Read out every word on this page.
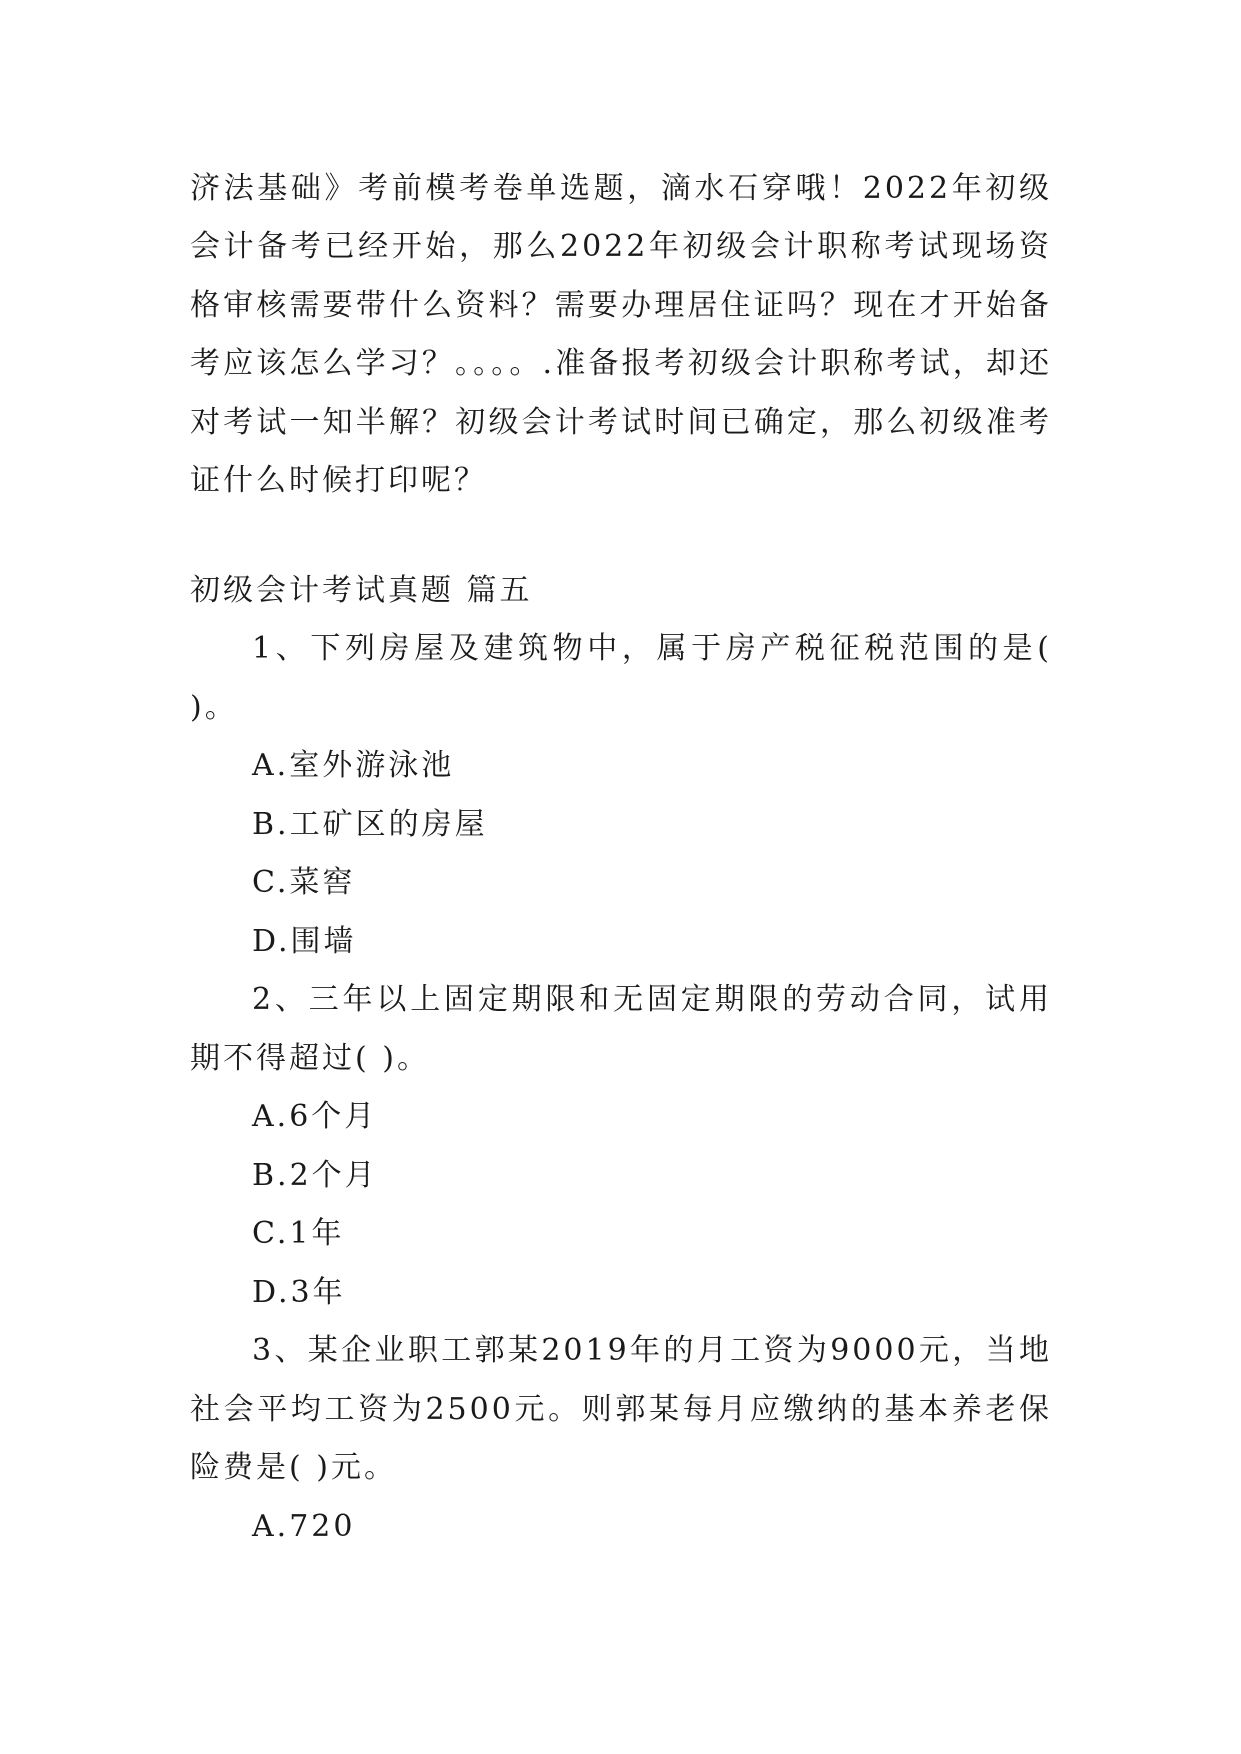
济法基础》考前模考卷单选题，滴水石穿哦！2022年初级会计备考已经开始，那么2022年初级会计职称考试现场资格审核需要带什么资料？需要办理居住证吗？现在才开始备考应该怎么学习？。。。。.准备报考初级会计职称考试，却还对考试一知半解？初级会计考试时间已确定，那么初级准考证什么时候打印呢？

初级会计考试真题 篇五

1、下列房屋及建筑物中，属于房产税征税范围的是( )。

A.室外游泳池

B.工矿区的房屋

C.菜窖

D.围墙

2、三年以上固定期限和无固定期限的劳动合同，试用期不得超过( )。

A.6个月

B.2个月

C.1年

D.3年

3、某企业职工郭某2019年的月工资为9000元，当地社会平均工资为2500元。则郭某每月应缴纳的基本养老保险费是( )元。

A.720
